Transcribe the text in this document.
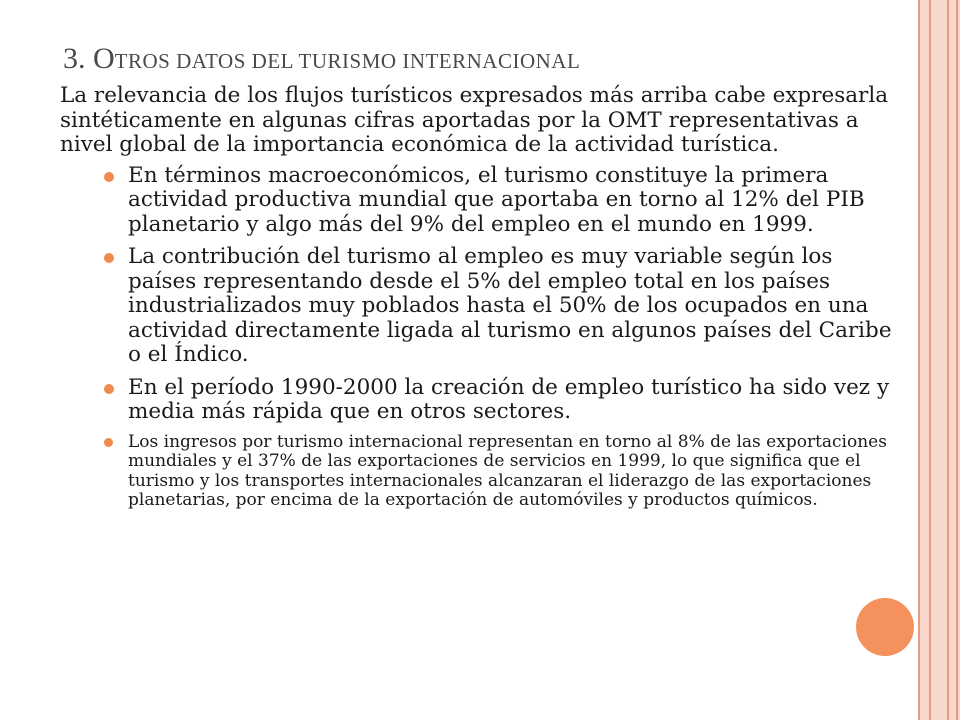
3. OTROS DATOS DEL TURISMO INTERNACIONAL

La relevancia de los flujos turísticos expresados más arriba cabe expresarla sintéticamente en algunas cifras aportadas por la OMT representativas a nivel global de la importancia económica de la actividad turística.

En términos macroeconómicos, el turismo constituye la primera actividad productiva mundial que aportaba en torno al 12% del PIB planetario y algo más del 9% del empleo en el mundo en 1999.
La contribución del turismo al empleo es muy variable según los países representando desde el 5% del empleo total en los países industrializados muy poblados hasta el 50% de los ocupados en una actividad directamente ligada al turismo en algunos países del Caribe o el Índico.
En el período 1990-2000 la creación de empleo turístico ha sido vez y media más rápida que en otros sectores.
Los ingresos por turismo internacional representan en torno al 8% de las exportaciones mundiales y el 37% de las exportaciones de servicios en 1999, lo que significa que el turismo y los transportes internacionales alcanzaran el liderazgo de las exportaciones planetarias, por encima de la exportación de automóviles y productos químicos.
